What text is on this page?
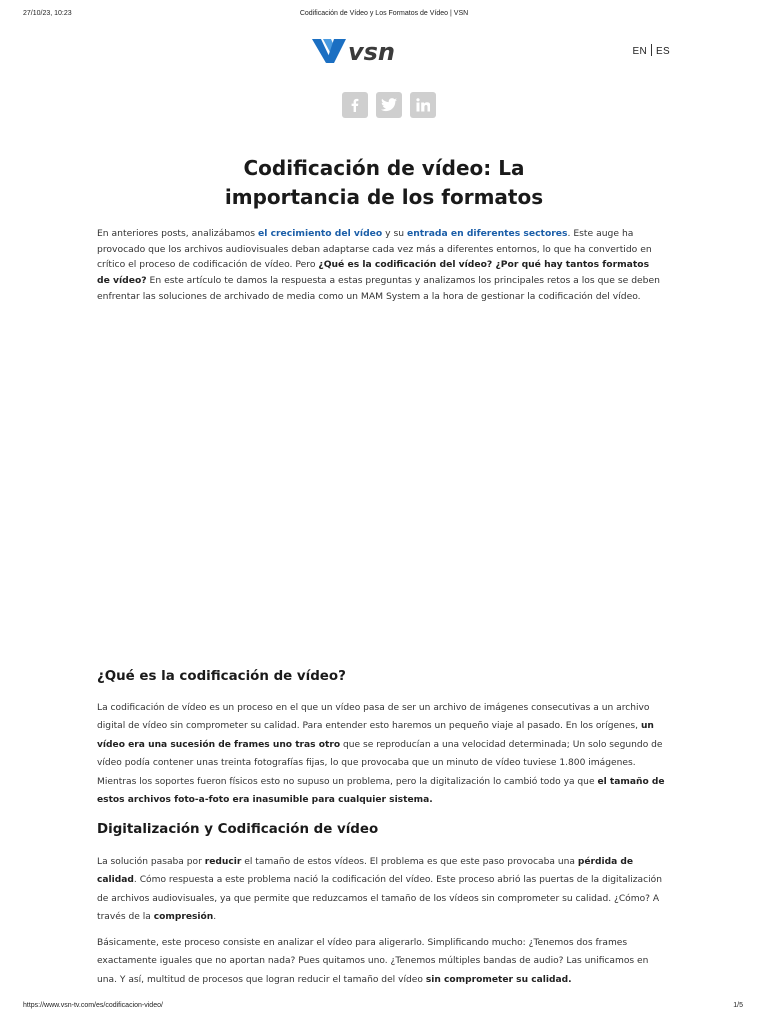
27/10/23, 10:23	Codificación de Vídeo y Los Formatos de Vídeo | VSN
vsn	EN ES
Codificación de vídeo: La
importancia de los formatos

En anteriores posts, analizábamos el crecimiento del vídeo y su entrada en diferentes sectores. Este auge ha provocado que los archivos audiovisuales deban adaptarse cada vez más a diferentes entornos, lo que ha convertido en crítico el proceso de codificación de vídeo. Pero ¿Qué es la codificación del vídeo? ¿Por qué hay tantos formatos de vídeo? En este artículo te damos la respuesta a estas preguntas y analizamos los principales retos a los que se deben enfrentar las soluciones de archivado de media como un MAM System a la hora de gestionar la codificación del vídeo.

¿Qué es la codificación de vídeo?

La codificación de vídeo es un proceso en el que un vídeo pasa de ser un archivo de imágenes consecutivas a un archivo digital de vídeo sin comprometer su calidad. Para entender esto haremos un pequeño viaje al pasado. En los orígenes, un vídeo era una sucesión de frames uno tras otro que se reproducían a una velocidad determinada; Un solo segundo de vídeo podía contener unas treinta fotografías fijas, lo que provocaba que un minuto de vídeo tuviese 1.800 imágenes. Mientras los soportes fueron físicos esto no supuso un problema, pero la digitalización lo cambió todo ya que el tamaño de estos archivos foto-a-foto era inasumible para cualquier sistema.

Digitalización y Codificación de vídeo

La solución pasaba por reducir el tamaño de estos vídeos. El problema es que este paso provocaba una pérdida de calidad. Cómo respuesta a este problema nació la codificación del vídeo. Este proceso abrió las puertas de la digitalización de archivos audiovisuales, ya que permite que reduzcamos el tamaño de los vídeos sin comprometer su calidad. ¿Cómo? A través de la compresión.

Básicamente, este proceso consiste en analizar el vídeo para aligerarlo. Simplificando mucho: ¿Tenemos dos frames exactamente iguales que no aportan nada? Pues quitamos uno. ¿Tenemos múltiples bandas de audio? Las unificamos en una. Y así, multitud de procesos que logran reducir el tamaño del vídeo sin comprometer su calidad.

https://www.vsn-tv.com/es/codificacion-video/	1/5
